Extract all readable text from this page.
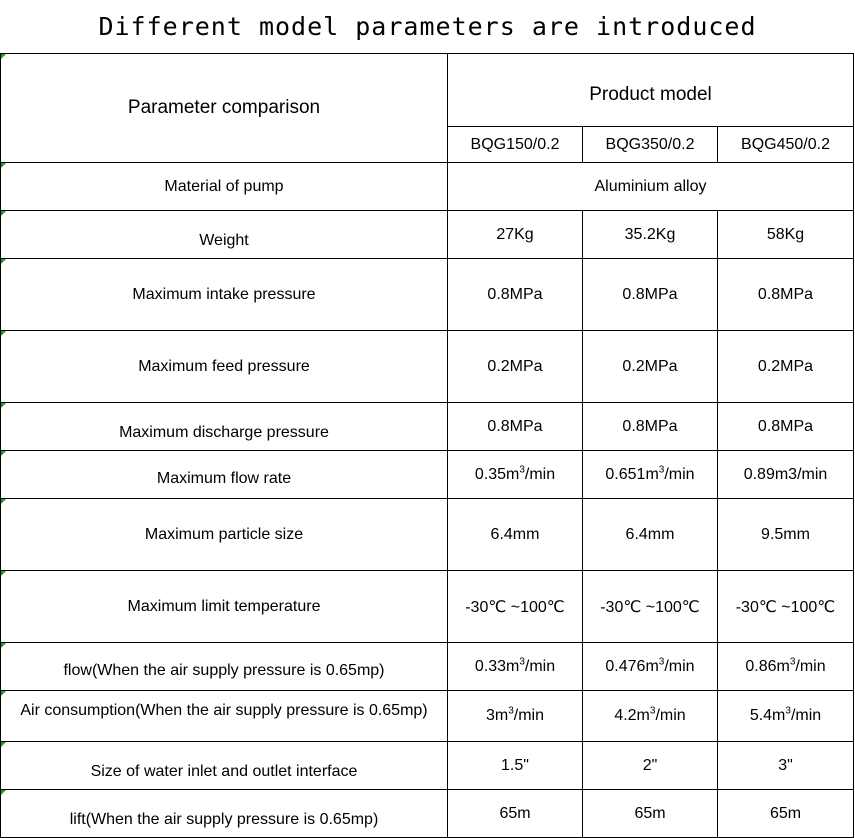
Different model parameters are introduced
Parameter comparison	Product model		
	BQG150/0.2	BQG350/0.2	BQG450/0.2
Material of pump	Aluminium alloy		
Weight	27Kg	35.2Kg	58Kg
Maximum intake pressure	0.8MPa	0.8MPa	0.8MPa
Maximum feed pressure	0.2MPa	0.2MPa	0.2MPa
Maximum discharge pressure	0.8MPa	0.8MPa	0.8MPa
Maximum flow rate	$0.35m^3/\min$	$0.651m^3/\min$	0.89m3/min
Maximum particle size	6.4mm	6.4mm	9.5mm
Maximum limit temperature	-30℃ ~100℃	-30℃ ~100℃	-30℃ ~100℃
flow(When the air supply pressure is 0.65mp)	$0.33m^3/\min$	$0.476m^3/\min$	$0.86m^3/\min$

Air consumption(When the air supply pressure is 0.65mp)	$3m^3/\min$	$4.2m^3/\min$	$5.4m^3/\min$
Size of water inlet and outlet interface	1.5"	2"	3"
lift(When the air supply pressure is 0.65mp)	65m	65m	65m
